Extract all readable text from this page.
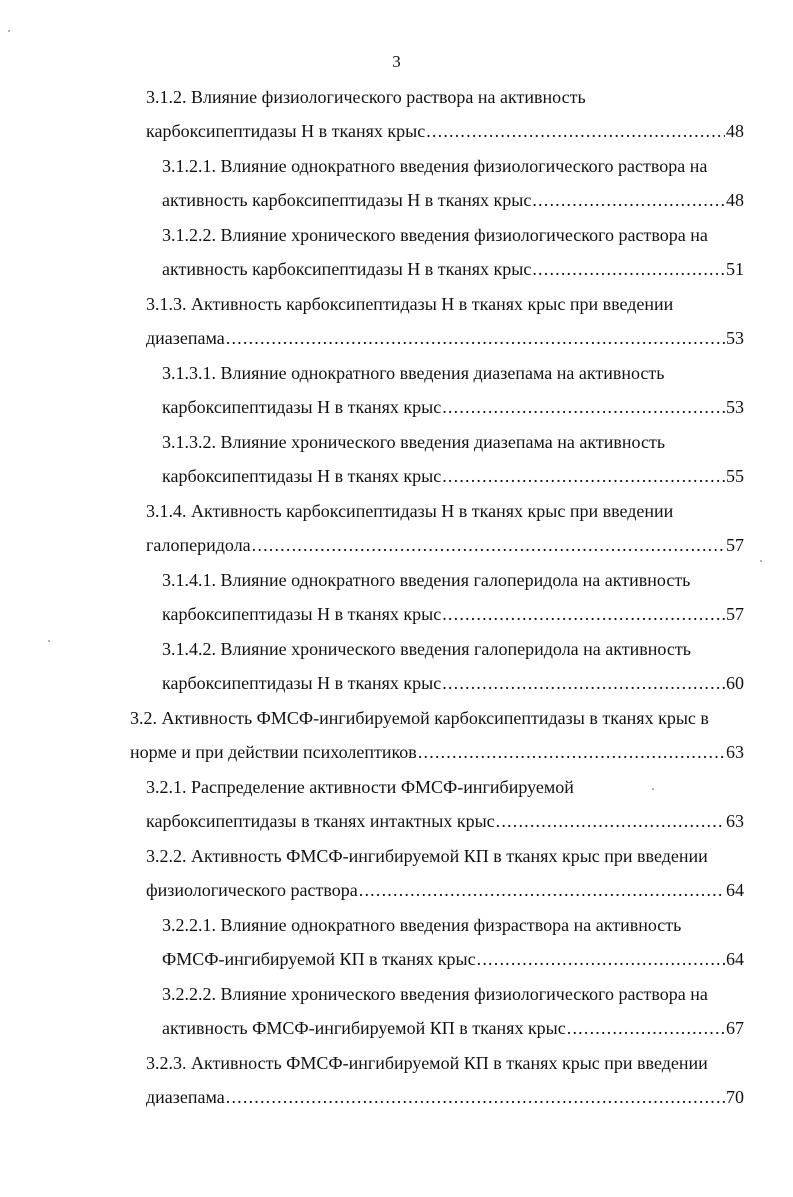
3
3.1.2. Влияние физиологического раствора на активность
карбоксипептидазы Н в тканях крыс .....	48
3.1.2.1. Влияние однократного введения физиологического раствора на
активность карбоксипептидазы Н в тканях крыс .....	48
3.1.2.2. Влияние хронического введения физиологического раствора на
активность карбоксипептидазы Н в тканях крыс .....	51
3.1.3. Активность карбоксипептидазы Н в тканях крыс при введении
диазепама .....	53
3.1.3.1. Влияние однократного введения диазепама на активность
карбоксипептидазы Н в тканях крыс .....	53
3.1.3.2. Влияние хронического введения диазепама на активность
карбоксипептидазы Н в тканях крыс .....	55
3.1.4. Активность карбоксипептидазы Н в тканях крыс при введении
галоперидола .....	57
3.1.4.1. Влияние однократного введения галоперидола на активность
карбоксипептидазы Н в тканях крыс .....	57
3.1.4.2. Влияние хронического введения галоперидола на активность
карбоксипептидазы Н в тканях крыс .....	60
3.2. Активность ФМСФ-ингибируемой карбоксипептидазы в тканях крыс в
норме и при действии психолептиков .....	63
3.2.1. Распределение активности ФМСФ-ингибируемой
карбоксипептидазы в тканях интактных крыс .....	63
3.2.2. Активность ФМСФ-ингибируемой КП в тканях крыс при введении
физиологического раствора .....	64
3.2.2.1. Влияние однократного введения физраствора на активность
ФМСФ-ингибируемой КП в тканях крыс .....	64
3.2.2.2. Влияние хронического введения физиологического раствора на
активность ФМСФ-ингибируемой КП в тканях крыс .....	67
3.2.3. Активность ФМСФ-ингибируемой КП в тканях крыс при введении
диазепама .....	70
